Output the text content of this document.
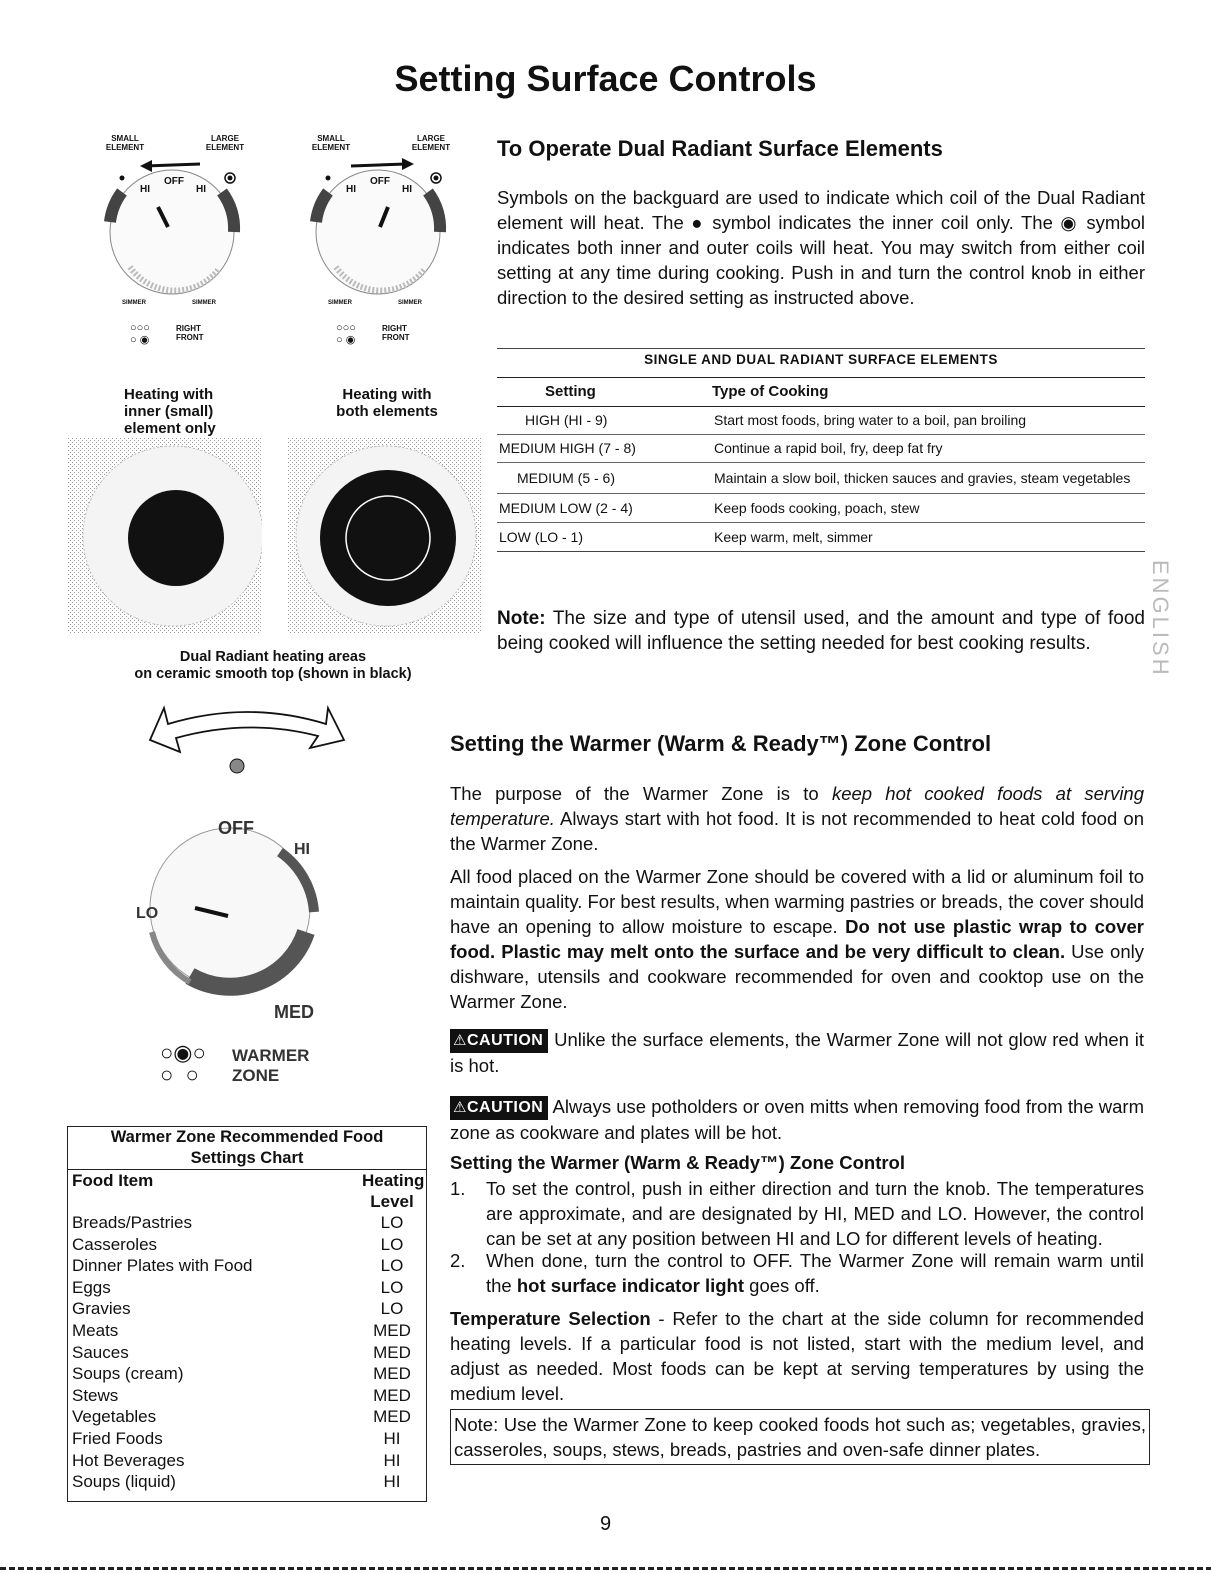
Setting Surface Controls
SMALL
ELEMENT
LARGE
ELEMENT
HI
OFF
HI
SIMMER	SIMMER
○○○
○ ◉
RIGHT
FRONT
SMALL
ELEMENT
LARGE
ELEMENT
HI
OFF
HI
SIMMER	SIMMER
○○○
○ ◉
RIGHT
FRONT
Heating with
inner (small)
element only
Heating with
both elements
Dual Radiant heating areas
on ceramic smooth top (shown in black)
To Operate Dual Radiant Surface Elements
Symbols on the backguard are used to indicate which coil of the Dual Radiant element will heat. The ● symbol indicates the inner coil only. The ◉ symbol indicates both inner and outer coils will heat. You may switch from either coil setting at any time during cooking. Push in and turn the control knob in either direction to the desired setting as instructed above.
SINGLE AND DUAL RADIANT SURFACE ELEMENTS
Setting	Type of Cooking
HIGH (HI - 9)	Start most foods, bring water to a boil, pan broiling
MEDIUM HIGH (7 - 8)	Continue a rapid boil, fry, deep fat fry
MEDIUM (5 - 6)	Maintain a slow boil, thicken sauces and gravies, steam vegetables
MEDIUM LOW (2 - 4)	Keep foods cooking, poach, stew
LOW (LO - 1)	Keep warm, melt, simmer
Note: The size and type of utensil used, and the amount and type of food being cooked will influence the setting needed for best cooking results.	ENGLISH
OFF
HI
LO
MED
○◉○
○  ○
WARMER
ZONE
Warmer Zone Recommended Food Settings Chart
Food Item	Heating Level
Breads/Pastries	LO
Casseroles	LO
Dinner Plates with Food	LO
Eggs	LO
Gravies	LO
Meats	MED
Sauces	MED
Soups (cream)	MED
Stews	MED
Vegetables	MED
Fried Foods	HI
Hot Beverages	HI
Soups (liquid)	HI
Setting the Warmer (Warm & Ready™) Zone Control
The purpose of the Warmer Zone is to keep hot cooked foods at serving temperature. Always start with hot food. It is not recommended to heat cold food on the Warmer Zone.
All food placed on the Warmer Zone should be covered with a lid or aluminum foil to maintain quality. For best results, when warming pastries or breads, the cover should have an opening to allow moisture to escape. Do not use plastic wrap to cover food. Plastic may melt onto the surface and be very difficult to clean. Use only dishware, utensils and cookware recommended for oven and cooktop use on the Warmer Zone.
⚠CAUTION Unlike the surface elements, the Warmer Zone will not glow red when it is hot.
⚠CAUTION Always use potholders or oven mitts when removing food from the warm zone as cookware and plates will be hot.
Setting the Warmer (Warm & Ready™) Zone Control
1. To set the control, push in either direction and turn the knob. The temperatures are approximate, and are designated by HI, MED and LO. However, the control can be set at any position between HI and LO for different levels of heating.
2. When done, turn the control to OFF. The Warmer Zone will remain warm until the hot surface indicator light goes off.
Temperature Selection - Refer to the chart at the side column for recommended heating levels. If a particular food is not listed, start with the medium level, and adjust as needed. Most foods can be kept at serving temperatures by using the medium level.
Note: Use the Warmer Zone to keep cooked foods hot such as; vegetables, gravies, casseroles, soups, stews, breads, pastries and oven-safe dinner plates.
9
